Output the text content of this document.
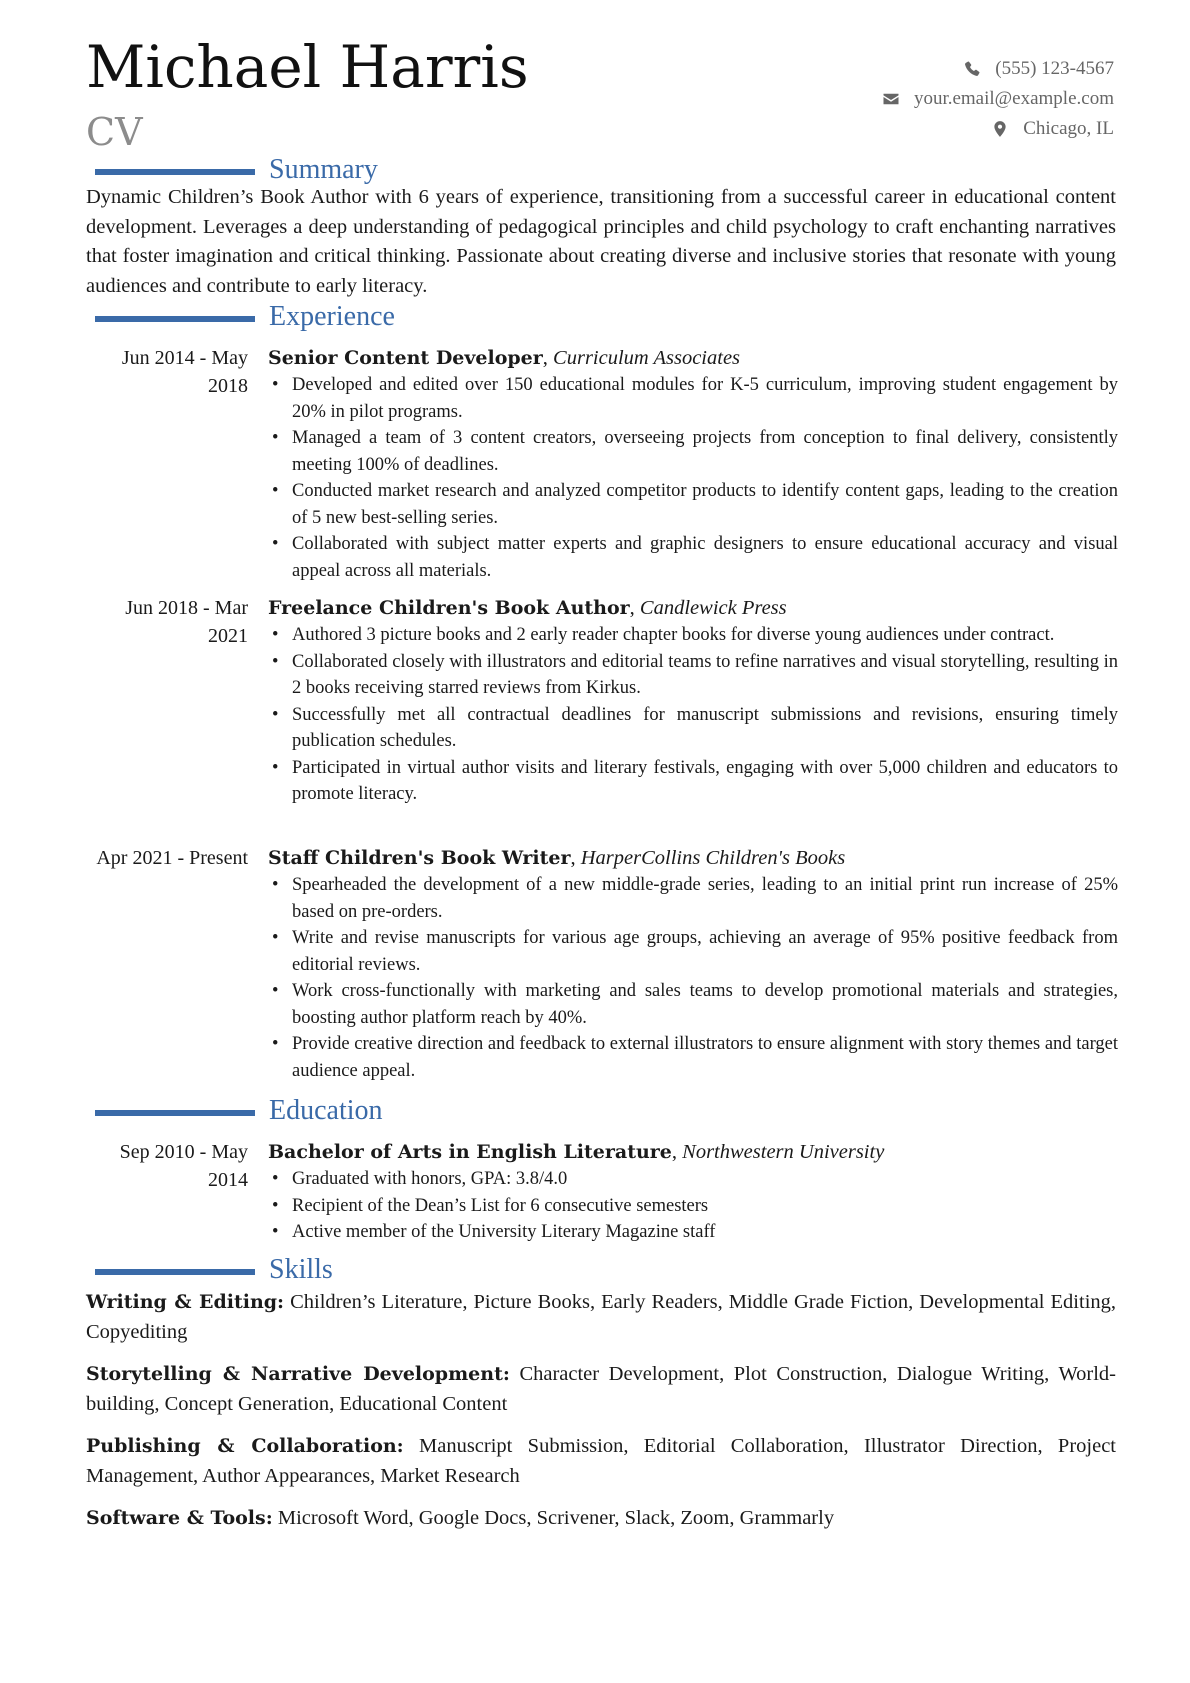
Michael Harris
CV
(555) 123-4567
your.email@example.com
Chicago, IL
Summary
Dynamic Children’s Book Author with 6 years of experience, transitioning from a successful career in educational content development. Leverages a deep understanding of pedagogical principles and child psychology to craft enchanting narratives that foster imagination and critical thinking. Passionate about creating diverse and inclusive stories that resonate with young audiences and contribute to early literacy.
Experience
Jun 2014 - May 2018
Senior Content Developer, Curriculum Associates
• Developed and edited over 150 educational modules for K-5 curriculum, improving student engagement by 20% in pilot programs.
• Managed a team of 3 content creators, overseeing projects from conception to final delivery, consistently meeting 100% of deadlines.
• Conducted market research and analyzed competitor products to identify content gaps, leading to the creation of 5 new best-selling series.
• Collaborated with subject matter experts and graphic designers to ensure educational accuracy and visual appeal across all materials.
Jun 2018 - Mar 2021
Freelance Children's Book Author, Candlewick Press
• Authored 3 picture books and 2 early reader chapter books for diverse young audiences under contract.
• Collaborated closely with illustrators and editorial teams to refine narratives and visual storytelling, resulting in 2 books receiving starred reviews from Kirkus.
• Successfully met all contractual deadlines for manuscript submissions and revisions, ensuring timely publication schedules.
• Participated in virtual author visits and literary festivals, engaging with over 5,000 children and educators to promote literacy.
Apr 2021 - Present Staff Children's Book Writer, HarperCollins Children's Books
• Spearheaded the development of a new middle-grade series, leading to an initial print run increase of 25% based on pre-orders.
• Write and revise manuscripts for various age groups, achieving an average of 95% positive feedback from editorial reviews.
• Work cross-functionally with marketing and sales teams to develop promotional materials and strategies, boosting author platform reach by 40%.
• Provide creative direction and feedback to external illustrators to ensure alignment with story themes and target audience appeal.
Education
Sep 2010 - May 2014
Bachelor of Arts in English Literature, Northwestern University
• Graduated with honors, GPA: 3.8/4.0
• Recipient of the Dean’s List for 6 consecutive semesters
• Active member of the University Literary Magazine staff
Skills
Writing & Editing: Children’s Literature, Picture Books, Early Readers, Middle Grade Fiction, Developmental Editing, Copyediting
Storytelling & Narrative Development: Character Development, Plot Construction, Dialogue Writing, World-building, Concept Generation, Educational Content
Publishing & Collaboration: Manuscript Submission, Editorial Collaboration, Illustrator Direction, Project Management, Author Appearances, Market Research
Software & Tools: Microsoft Word, Google Docs, Scrivener, Slack, Zoom, Grammarly
